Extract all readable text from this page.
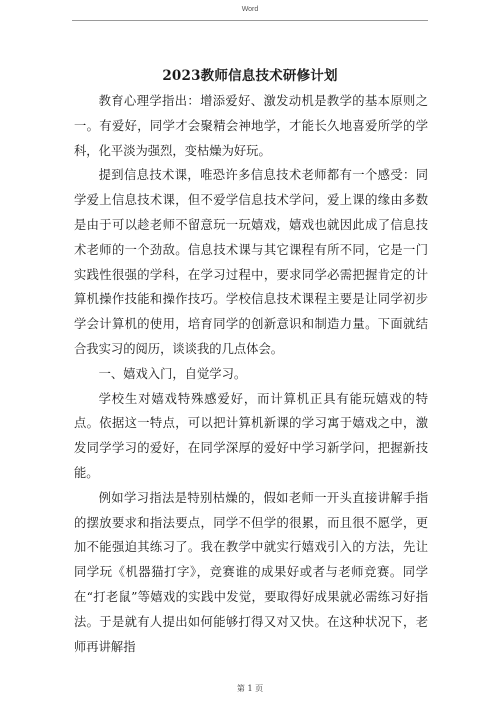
Word
2023教师信息技术研修计划

教育心理学指出：增添爱好、激发动机是教学的基本原则之一。有爱好，同学才会聚精会神地学，才能长久地喜爱所学的学科，化平淡为强烈，变枯燥为好玩。

提到信息技术课，唯恐许多信息技术老师都有一个感受：同学爱上信息技术课，但不爱学信息技术学问，爱上课的缘由多数是由于可以趁老师不留意玩一玩嬉戏，嬉戏也就因此成了信息技术老师的一个劲敌。信息技术课与其它课程有所不同，它是一门实践性很强的学科，在学习过程中，要求同学必需把握肯定的计算机操作技能和操作技巧。学校信息技术课程主要是让同学初步学会计算机的使用，培育同学的创新意识和制造力量。下面就结合我实习的阅历，谈谈我的几点体会。

一、嬉戏入门，自觉学习。

学校生对嬉戏特殊感爱好，而计算机正具有能玩嬉戏的特点。依据这一特点，可以把计算机新课的学习寓于嬉戏之中，激发同学学习的爱好，在同学深厚的爱好中学习新学问，把握新技能。

例如学习指法是特别枯燥的，假如老师一开头直接讲解手指的摆放要求和指法要点，同学不但学的很累，而且很不愿学，更加不能强迫其练习了。我在教学中就实行嬉戏引入的方法，先让同学玩《机器猫打字》，竞赛谁的成果好或者与老师竞赛。同学在“打老鼠”等嬉戏的实践中发觉，要取得好成果就必需练习好指法。于是就有人提出如何能够打得又对又快。在这种状况下，老师再讲解指

第 1 页
